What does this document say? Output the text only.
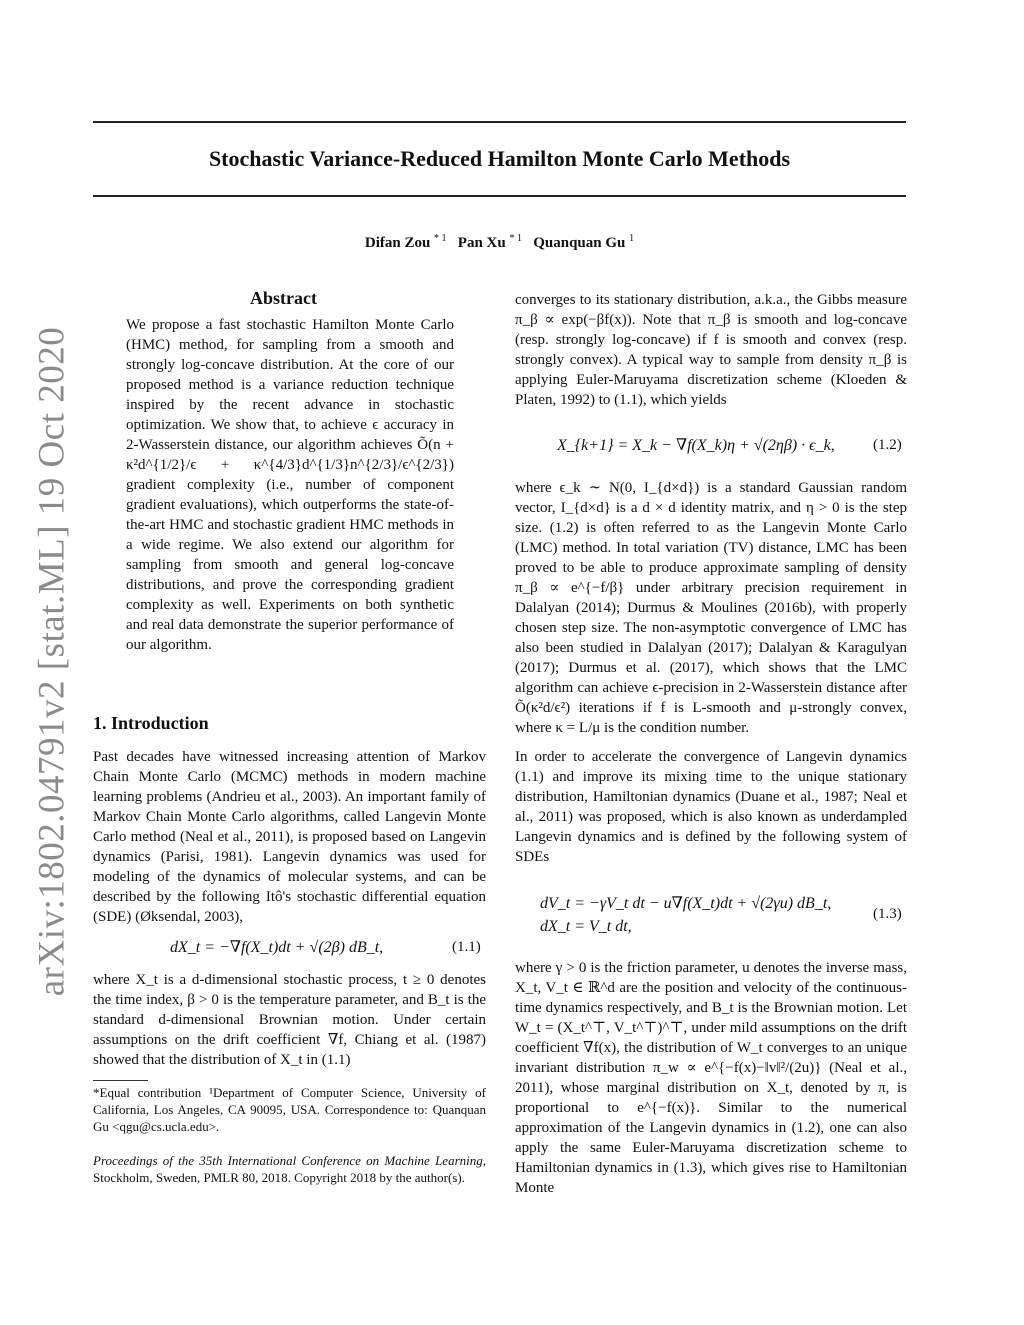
arXiv:1802.04791v2 [stat.ML] 19 Oct 2020
Stochastic Variance-Reduced Hamilton Monte Carlo Methods
Difan Zou $^{* 1}$ Pan Xu $^{* 1}$ Quanquan Gu $^1$
Abstract

We propose a fast stochastic Hamilton Monte Carlo (HMC) method, for sampling from a smooth and strongly log-concave distribution. At the core of our proposed method is a variance reduction technique inspired by the recent advance in stochastic optimization. We show that, to achieve ϵ accuracy in 2-Wasserstein distance, our algorithm achieves Õ(n + κ²d^{1/2}/ϵ + κ^{4/3}d^{1/3}n^{2/3}/ϵ^{2/3}) gradient complexity (i.e., number of component gradient evaluations), which outperforms the state-of-the-art HMC and stochastic gradient HMC methods in a wide regime. We also extend our algorithm for sampling from smooth and general log-concave distributions, and prove the corresponding gradient complexity as well. Experiments on both synthetic and real data demonstrate the superior performance of our algorithm.

1. Introduction

Past decades have witnessed increasing attention of Markov Chain Monte Carlo (MCMC) methods in modern machine learning problems (Andrieu et al., 2003). An important family of Markov Chain Monte Carlo algorithms, called Langevin Monte Carlo method (Neal et al., 2011), is proposed based on Langevin dynamics (Parisi, 1981). Langevin dynamics was used for modeling of the dynamics of molecular systems, and can be described by the following Itô's stochastic differential equation (SDE) (Øksendal, 2003),

dX_t = −∇f(X_t)dt + √(2β) dB_t,	(1.1)

where X_t is a d-dimensional stochastic process, t ≥ 0 denotes the time index, β > 0 is the temperature parameter, and B_t is the standard d-dimensional Brownian motion. Under certain assumptions on the drift coefficient ∇f, Chiang et al. (1987) showed that the distribution of X_t in (1.1)

*Equal contribution ¹Department of Computer Science, University of California, Los Angeles, CA 90095, USA. Correspondence to: Quanquan Gu <qgu@cs.ucla.edu>.
Proceedings of the 35th International Conference on Machine Learning, Stockholm, Sweden, PMLR 80, 2018. Copyright 2018 by the author(s).

converges to its stationary distribution, a.k.a., the Gibbs measure π_β ∝ exp(−βf(x)). Note that π_β is smooth and log-concave (resp. strongly log-concave) if f is smooth and convex (resp. strongly convex). A typical way to sample from density π_β is applying Euler-Maruyama discretization scheme (Kloeden & Platen, 1992) to (1.1), which yields

X_{k+1} = X_k − ∇f(X_k)η + √(2ηβ) · ϵ_k,	(1.2)

where ϵ_k ∼ N(0, I_{d×d}) is a standard Gaussian random vector, I_{d×d} is a d × d identity matrix, and η > 0 is the step size. (1.2) is often referred to as the Langevin Monte Carlo (LMC) method. In total variation (TV) distance, LMC has been proved to be able to produce approximate sampling of density π_β ∝ e^{−f/β} under arbitrary precision requirement in Dalalyan (2014); Durmus & Moulines (2016b), with properly chosen step size. The non-asymptotic convergence of LMC has also been studied in Dalalyan (2017); Dalalyan & Karagulyan (2017); Durmus et al. (2017), which shows that the LMC algorithm can achieve ϵ-precision in 2-Wasserstein distance after Õ(κ²d/ϵ²) iterations if f is L-smooth and μ-strongly convex, where κ = L/μ is the condition number.

In order to accelerate the convergence of Langevin dynamics (1.1) and improve its mixing time to the unique stationary distribution, Hamiltonian dynamics (Duane et al., 1987; Neal et al., 2011) was proposed, which is also known as underdampled Langevin dynamics and is defined by the following system of SDEs

dV_t = −γV_t dt − u∇f(X_t)dt + √(2γu) dB_t,
dX_t = V_t dt,
(1.3)

where γ > 0 is the friction parameter, u denotes the inverse mass, X_t, V_t ∈ ℝ^d are the position and velocity of the continuous-time dynamics respectively, and B_t is the Brownian motion. Let W_t = (X_t^⊤, V_t^⊤)^⊤, under mild assumptions on the drift coefficient ∇f(x), the distribution of W_t converges to an unique invariant distribution π_w ∝ e^{−f(x)−‖v‖²/(2u)} (Neal et al., 2011), whose marginal distribution on X_t, denoted by π, is proportional to e^{−f(x)}. Similar to the numerical approximation of the Langevin dynamics in (1.2), one can also apply the same Euler-Maruyama discretization scheme to Hamiltonian dynamics in (1.3), which gives rise to Hamiltonian Monte
